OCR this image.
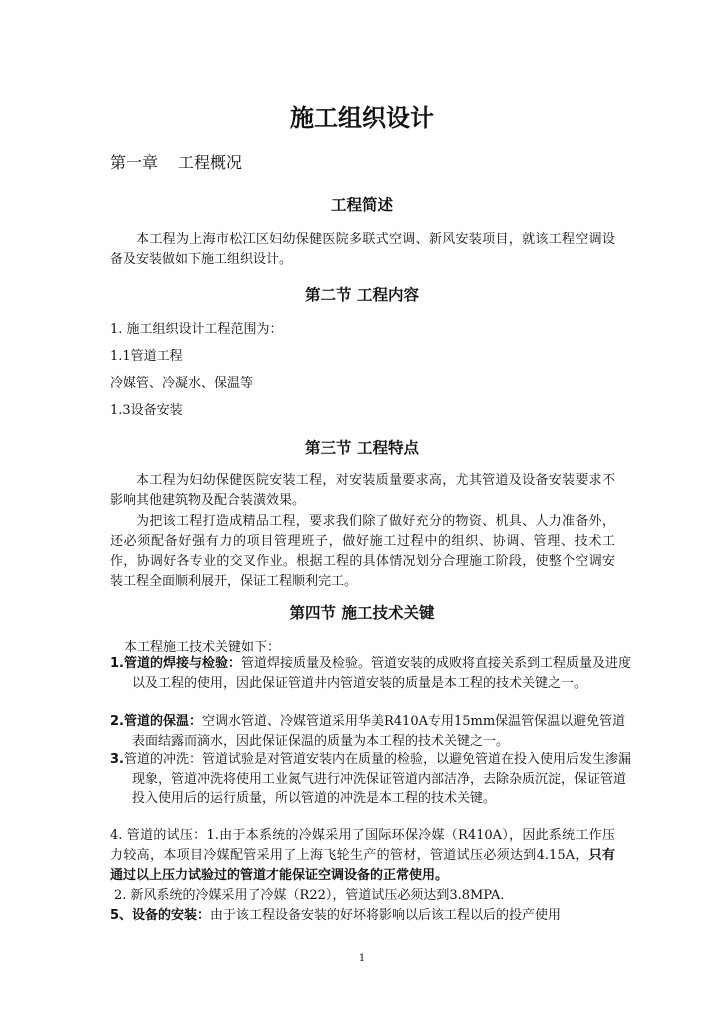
施工组织设计
第一章 工程概况
工程简述
本工程为上海市松江区妇幼保健医院多联式空调、新风安装项目，就该工程空调设备及安装做如下施工组织设计。
第二节 工程内容
1. 施工组织设计工程范围为：
1.1管道工程
冷媒管、冷凝水、保温等
1.3设备安装
第三节 工程特点
本工程为妇幼保健医院安装工程，对安装质量要求高，尤其管道及设备安装要求不影响其他建筑物及配合装潢效果。
为把该工程打造成精品工程，要求我们除了做好充分的物资、机具、人力准备外，还必须配备好强有力的项目管理班子，做好施工过程中的组织、协调、管理、技术工作，协调好各专业的交叉作业。根据工程的具体情况划分合理施工阶段，使整个空调安装工程全面顺利展开，保证工程顺利完工。
第四节 施工技术关键
本工程施工技术关键如下：
1.管道的焊接与检验：管道焊接质量及检验。管道安装的成败将直接关系到工程质量及进度以及工程的使用，因此保证管道井内管道安装的质量是本工程的技术关键之一。
2.管道的保温：空调水管道、冷媒管道采用华美R410A专用15mm保温管保温以避免管道表面结露而滴水，因此保证保温的质量为本工程的技术关键之一。
3.管道的冲洗：管道试验是对管道安装内在质量的检验，以避免管道在投入使用后发生渗漏现象，管道冲洗将使用工业氮气进行冲洗保证管道内部洁净，去除杂质沉淀，保证管道投入使用后的运行质量，所以管道的冲洗是本工程的技术关键。
4. 管道的试压：1.由于本系统的冷媒采用了国际环保冷媒（R410A），因此系统工作压力较高，本项目冷媒配管采用了上海飞轮生产的管材，管道试压必须达到4.15A，只有通过以上压力试验过的管道才能保证空调设备的正常使用。
2. 新风系统的冷媒采用了冷媒（R22），管道试压必须达到3.8MPA.
5、设备的安装：由于该工程设备安装的好坏将影响以后该工程以后的投产使用
1
